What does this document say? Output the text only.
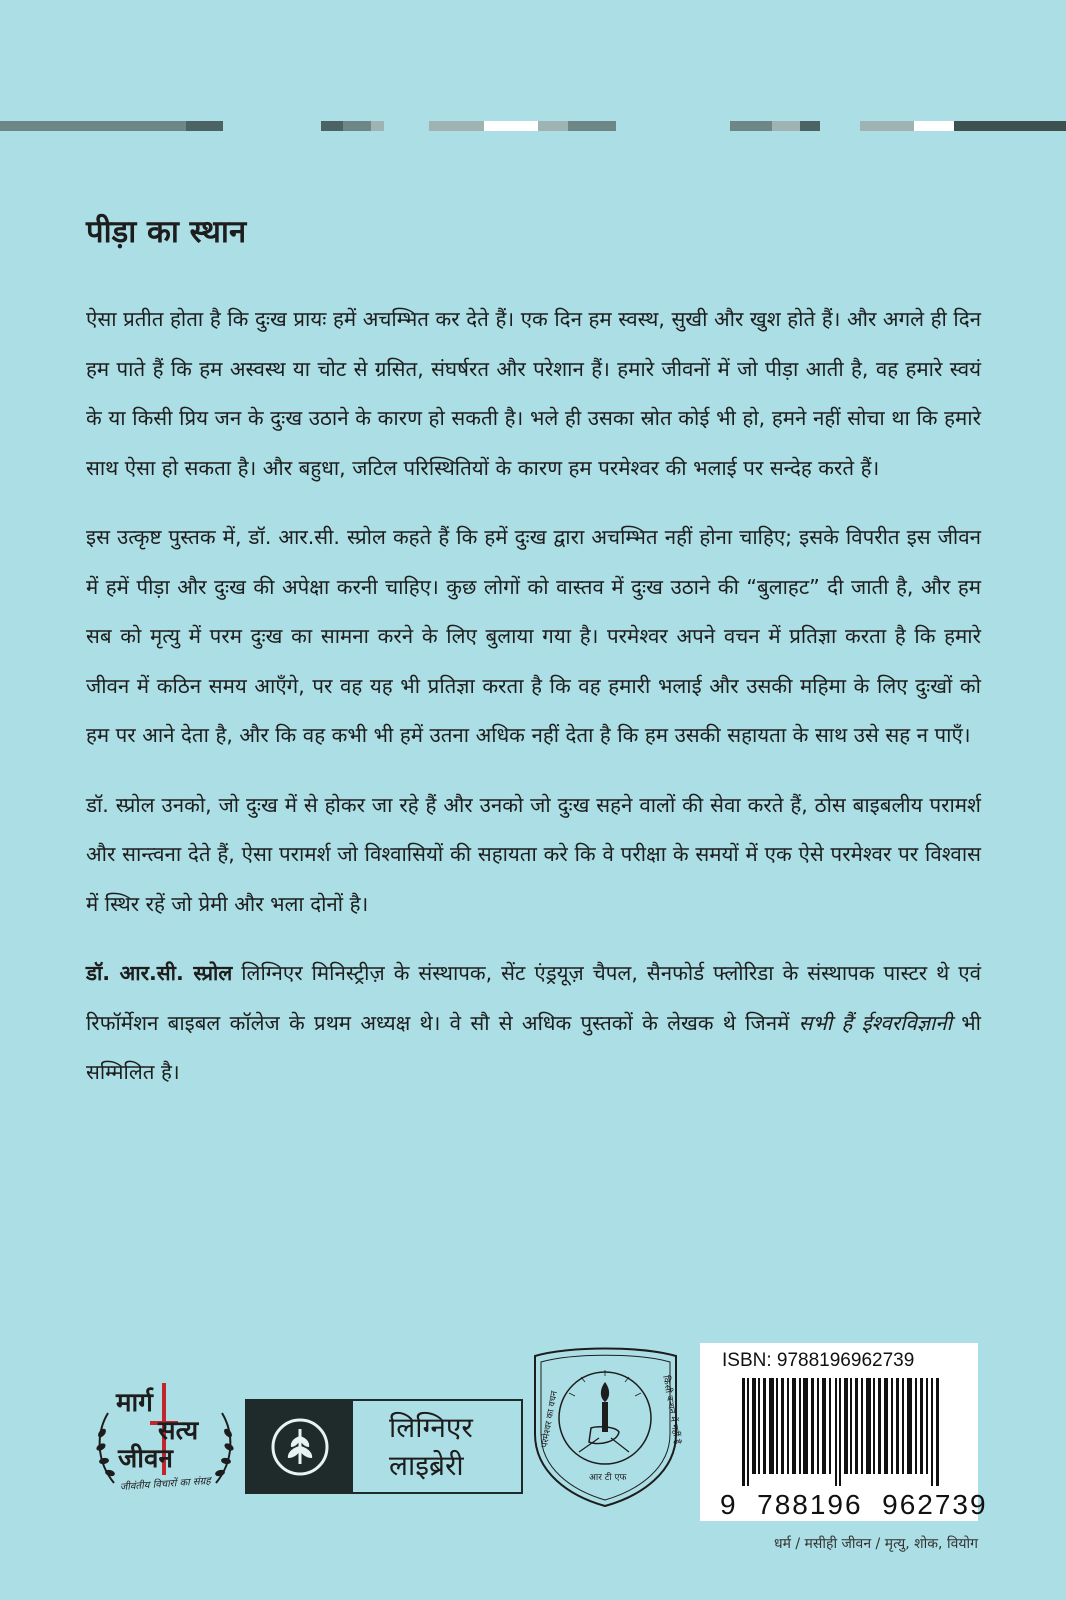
पीड़ा का स्थान

ऐसा प्रतीत होता है कि दुःख प्रायः हमें अचम्भित कर देते हैं। एक दिन हम स्वस्थ, सुखी और खुश होते हैं। और अगले ही दिन हम पाते हैं कि हम अस्वस्थ या चोट से ग्रसित, संघर्षरत और परेशान हैं। हमारे जीवनों में जो पीड़ा आती है, वह हमारे स्वयं के या किसी प्रिय जन के दुःख उठाने के कारण हो सकती है। भले ही उसका स्रोत कोई भी हो, हमने नहीं सोचा था कि हमारे साथ ऐसा हो सकता है। और बहुधा, जटिल परिस्थितियों के कारण हम परमेश्वर की भलाई पर सन्देह करते हैं।

इस उत्कृष्ट पुस्तक में, डॉ. आर.सी. स्प्रोल कहते हैं कि हमें दुःख द्वारा अचम्भित नहीं होना चाहिए; इसके विपरीत इस जीवन में हमें पीड़ा और दुःख की अपेक्षा करनी चाहिए। कुछ लोगों को वास्तव में दुःख उठाने की “बुलाहट” दी जाती है, और हम सब को मृत्यु में परम दुःख का सामना करने के लिए बुलाया गया है। परमेश्वर अपने वचन में प्रतिज्ञा करता है कि हमारे जीवन में कठिन समय आएँगे, पर वह यह भी प्रतिज्ञा करता है कि वह हमारी भलाई और उसकी महिमा के लिए दुःखों को हम पर आने देता है, और कि वह कभी भी हमें उतना अधिक नहीं देता है कि हम उसकी सहायता के साथ उसे सह न पाएँ।

डॉ. स्प्रोल उनको, जो दुःख में से होकर जा रहे हैं और उनको जो दुःख सहने वालों की सेवा करते हैं, ठोस बाइबलीय परामर्श और सान्त्वना देते हैं, ऐसा परामर्श जो विश्वासियों की सहायता करे कि वे परीक्षा के समयों में एक ऐसे परमेश्वर पर विश्वास में स्थिर रहें जो प्रेमी और भला दोनों है।

डॉ. आर.सी. स्प्रोल लिग्निएर मिनिस्ट्रीज़ के संस्थापक, सेंट एंड्रयूज़ चैपल, सैनफोर्ड फ्लोरिडा के संस्थापक पास्टर थे एवं रिफॉर्मेशन बाइबल कॉलेज के प्रथम अध्यक्ष थे। वे सौ से अधिक पुस्तकों के लेखक थे जिनमें सभी हैं ईश्वरविज्ञानी भी सम्मिलित है।

मार्ग
सत्य
जीवन
जीवंतीय विचारों का संग्रह
लिग्निएर
लाइब्रेरी
परमेश्वर का वचन	किसी बन्धन में नहीं है
आर टी एफ
ISBN: 9788196962739
9  788196  962739
धर्म / मसीही जीवन / मृत्यु, शोक, वियोग
